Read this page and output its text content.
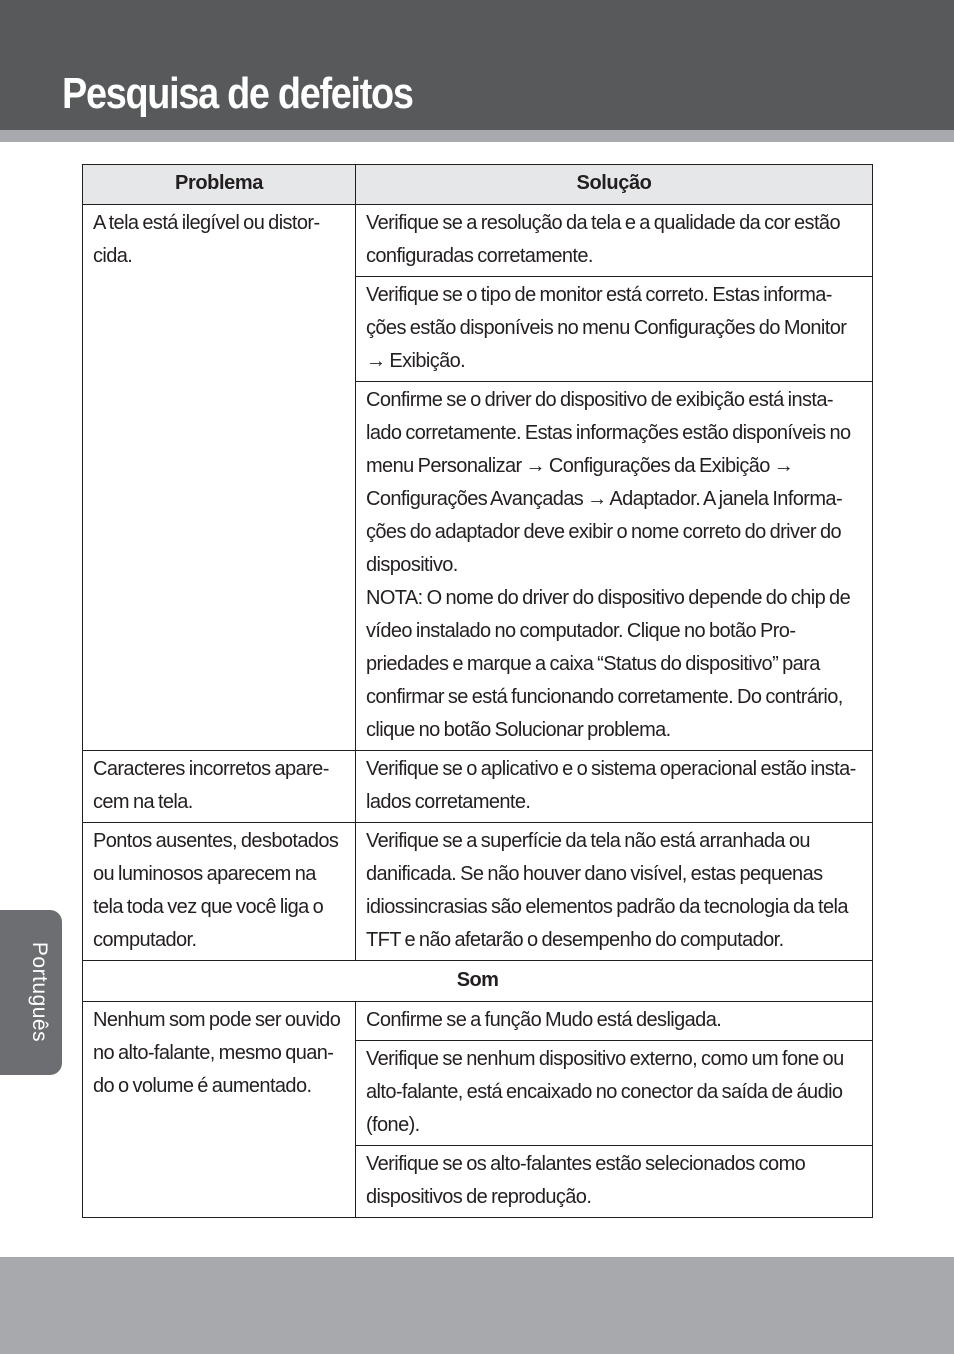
Pesquisa de defeitos
Português
Problema	Solução
A tela está ilegível ou distor-cida.	Verifique se a resolução da tela e a qualidade da cor estão configuradas corretamente.
	Verifique se o tipo de monitor está correto. Estas informa-ções estão disponíveis no menu Configurações do Monitor → Exibição.

	Confirme se o driver do dispositivo de exibição está insta-lado corretamente. Estas informações estão disponíveis no menu Personalizar → Configurações da Exibição → Configurações Avançadas → Adaptador. A janela Informa-ções do adaptador deve exibir o nome correto do driver do dispositivo.
NOTA: O nome do driver do dispositivo depende do chip de vídeo instalado no computador. Clique no botão Pro-priedades e marque a caixa “Status do dispositivo” para confirmar se está funcionando corretamente. Do contrário, clique no botão Solucionar problema.

Caracteres incorretos apare-cem na tela.	Verifique se o aplicativo e o sistema operacional estão insta-lados corretamente.
Pontos ausentes, desbotados ou luminosos aparecem na tela toda vez que você liga o computador.	Verifique se a superfície da tela não está arranhada ou danificada. Se não houver dano visível, estas pequenas idiossincrasias são elementos padrão da tecnologia da tela TFT e não afetarão o desempenho do computador.
Som	
Nenhum som pode ser ouvido no alto-falante, mesmo quan-do o volume é aumentado.	Confirme se a função Mudo está desligada.
	Verifique se nenhum dispositivo externo, como um fone ou alto-falante, está encaixado no conector da saída de áudio (fone).
	Verifique se os alto-falantes estão selecionados como dispositivos de reprodução.
